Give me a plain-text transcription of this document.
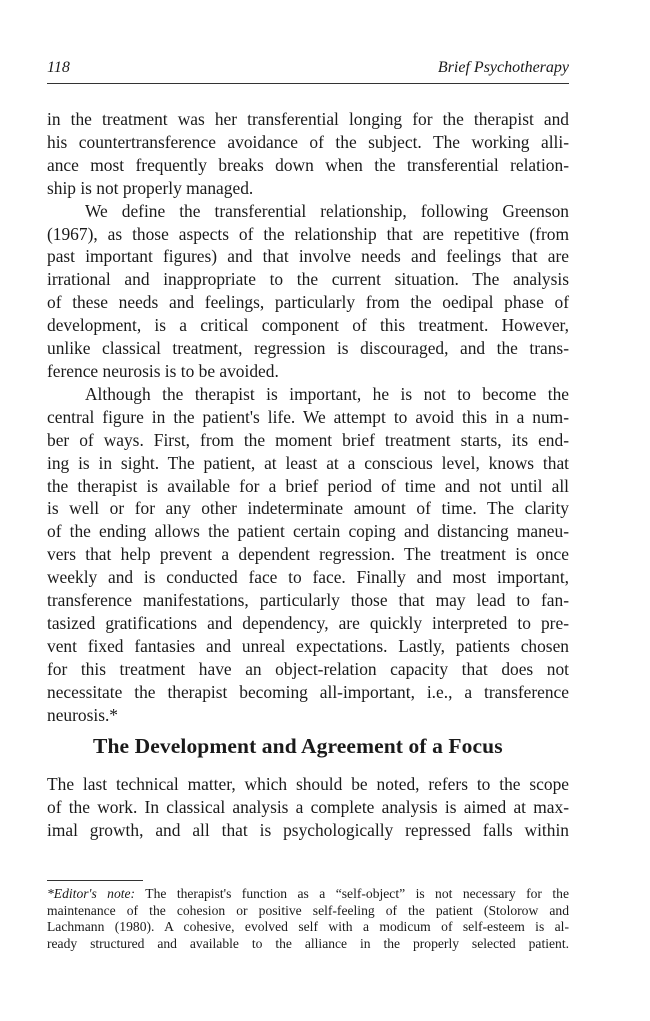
118	Brief Psychotherapy
in the treatment was her transferential longing for the therapist and
his countertransference avoidance of the subject. The working alli-
ance most frequently breaks down when the transferential relation-
ship is not properly managed.
We define the transferential relationship, following Greenson
(1967), as those aspects of the relationship that are repetitive (from
past important figures) and that involve needs and feelings that are
irrational and inappropriate to the current situation. The analysis
of these needs and feelings, particularly from the oedipal phase of
development, is a critical component of this treatment. However,
unlike classical treatment, regression is discouraged, and the trans-
ference neurosis is to be avoided.
Although the therapist is important, he is not to become the
central figure in the patient's life. We attempt to avoid this in a num-
ber of ways. First, from the moment brief treatment starts, its end-
ing is in sight. The patient, at least at a conscious level, knows that
the therapist is available for a brief period of time and not until all
is well or for any other indeterminate amount of time. The clarity
of the ending allows the patient certain coping and distancing maneu-
vers that help prevent a dependent regression. The treatment is once
weekly and is conducted face to face. Finally and most important,
transference manifestations, particularly those that may lead to fan-
tasized gratifications and dependency, are quickly interpreted to pre-
vent fixed fantasies and unreal expectations. Lastly, patients chosen
for this treatment have an object-relation capacity that does not
necessitate the therapist becoming all-important, i.e., a transference
neurosis.*
The Development and Agreement of a Focus
The last technical matter, which should be noted, refers to the scope
of the work. In classical analysis a complete analysis is aimed at max-
imal growth, and all that is psychologically repressed falls within
*Editor's note: The therapist's function as a “self-object” is not necessary for the
maintenance of the cohesion or positive self-feeling of the patient (Stolorow and
Lachmann (1980). A cohesive, evolved self with a modicum of self-esteem is al-
ready structured and available to the alliance in the properly selected patient.
